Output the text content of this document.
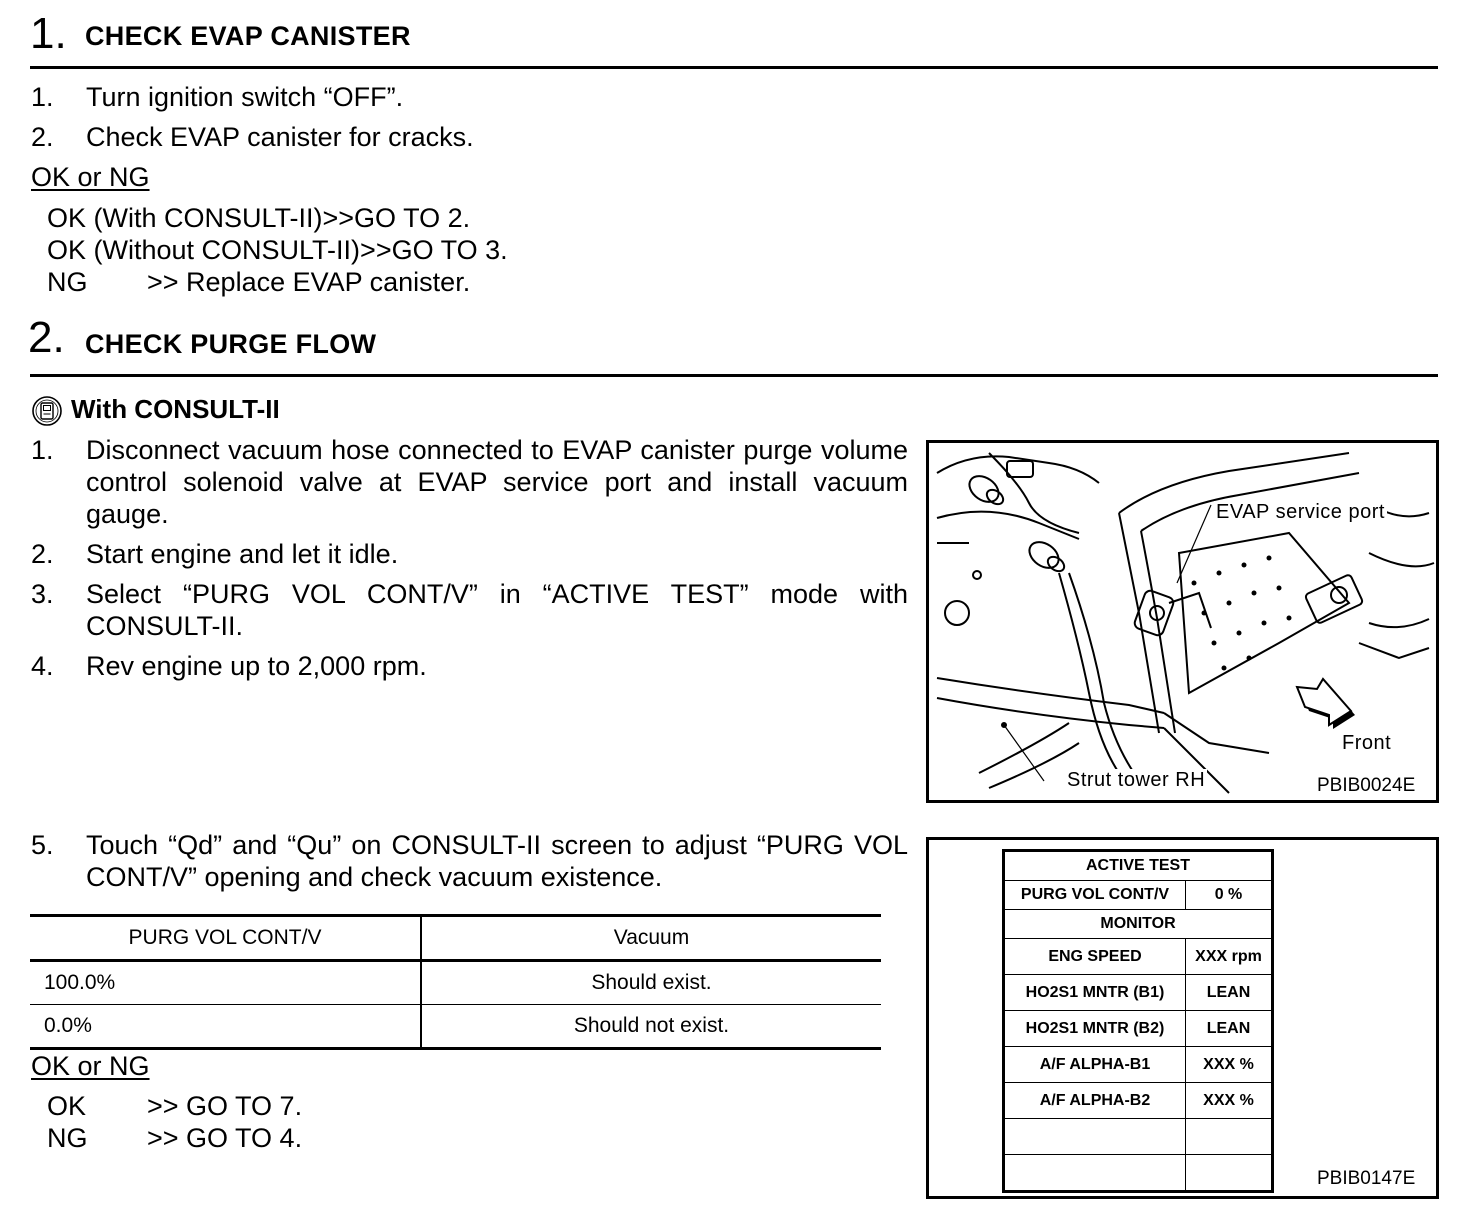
1. CHECK EVAP CANISTER
1. Turn ignition switch “OFF”.
2. Check EVAP canister for cracks.
OK or NG
OK (With CONSULT-II)>>GO TO 2.
OK (Without CONSULT-II)>>GO TO 3.
NG >> Replace EVAP canister.
2. CHECK PURGE FLOW
With CONSULT-II
1. Disconnect vacuum hose connected to EVAP canister purge volume control solenoid valve at EVAP service port and install vacuum gauge.
2. Start engine and let it idle.
3. Select “PURG VOL CONT/V” in “ACTIVE TEST” mode with CONSULT-II.
4. Rev engine up to 2,000 rpm.
5. Touch “Qd” and “Qu” on CONSULT-II screen to adjust “PURG VOL CONT/V” opening and check vacuum existence.
PURG VOL CONT/V	Vacuum
100.0%	Should exist.
0.0%	Should not exist.
OK or NG
OK >> GO TO 7.
NG >> GO TO 4.
EVAP service port
Front
Strut tower RH	PBIB0024E
ACTIVE TEST	
PURG VOL CONT/V	0 %
MONITOR	
ENG SPEED	XXX rpm
HO2S1 MNTR (B1)	LEAN
HO2S1 MNTR (B2)	LEAN
A/F ALPHA-B1	XXX %
A/F ALPHA-B2	XXX %

PBIB0147E
